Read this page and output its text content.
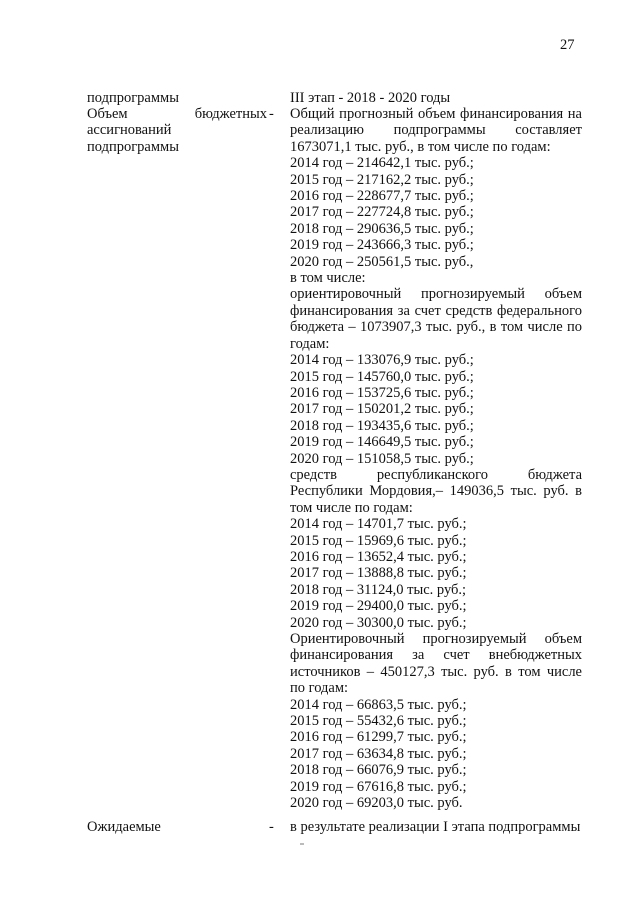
27
подпрограммы	III этап - 2018 - 2020 годы
Объем бюджетных
ассигнований
подпрограммы
- Общий прогнозный объем финансирования на
реализацию подпрограммы составляет
1673071,1 тыс. руб., в том числе по годам:
2014 год – 214642,1 тыс. руб.;
2015 год – 217162,2 тыс. руб.;
2016 год – 228677,7 тыс. руб.;
2017 год – 227724,8 тыс. руб.;
2018 год – 290636,5 тыс. руб.;
2019 год – 243666,3 тыс. руб.;
2020 год – 250561,5 тыс. руб.,
в том числе:
ориентировочный прогнозируемый объем
финансирования за счет средств федерального
бюджета – 1073907,3 тыс. руб., в том числе по
годам:
2014 год – 133076,9 тыс. руб.;
2015 год – 145760,0 тыс. руб.;
2016 год – 153725,6 тыс. руб.;
2017 год – 150201,2 тыс. руб.;
2018 год – 193435,6 тыс. руб.;
2019 год – 146649,5 тыс. руб.;
2020 год – 151058,5 тыс. руб.;
средств республиканского бюджета
Республики Мордовия,– 149036,5 тыс. руб. в
том числе по годам:
2014 год – 14701,7 тыс. руб.;
2015 год – 15969,6 тыс. руб.;
2016 год – 13652,4 тыс. руб.;
2017 год – 13888,8 тыс. руб.;
2018 год – 31124,0 тыс. руб.;
2019 год – 29400,0 тыс. руб.;
2020 год – 30300,0 тыс. руб.;
Ориентировочный прогнозируемый объем
финансирования за счет внебюджетных
источников – 450127,3 тыс. руб. в том числе
по годам:
2014 год – 66863,5 тыс. руб.;
2015 год – 55432,6 тыс. руб.;
2016 год – 61299,7 тыс. руб.;
2017 год – 63634,8 тыс. руб.;
2018 год – 66076,9 тыс. руб.;
2019 год – 67616,8 тыс. руб.;
2020 год – 69203,0 тыс. руб.
Ожидаемые	- в результате реализации I этапа подпрограммы
